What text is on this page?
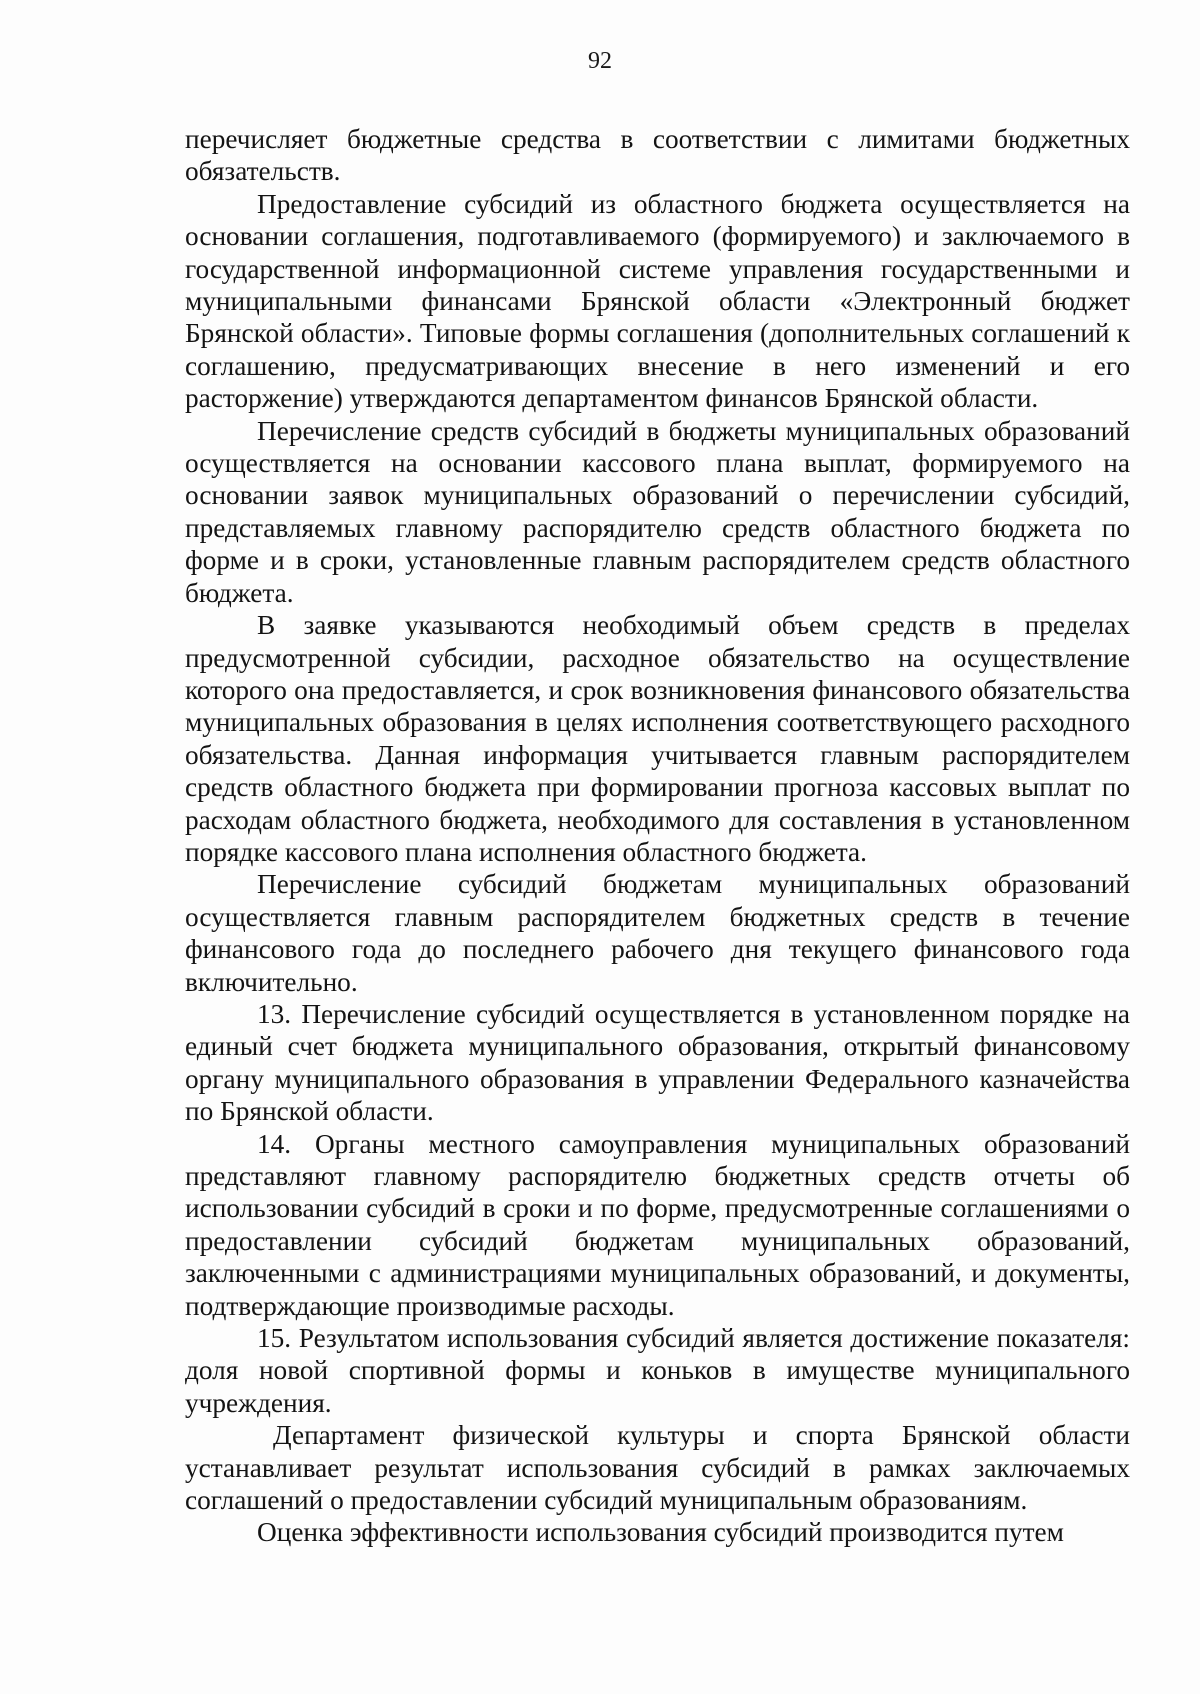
92

перечисляет бюджетные средства в соответствии с лимитами бюджетных обязательств.

Предоставление субсидий из областного бюджета осуществляется на основании соглашения, подготавливаемого (формируемого) и заключаемого в государственной информационной системе управления государственными и муниципальными финансами Брянской области «Электронный бюджет Брянской области». Типовые формы соглашения (дополнительных соглашений к соглашению, предусматривающих внесение в него изменений и его расторжение) утверждаются департаментом финансов Брянской области.

Перечисление средств субсидий в бюджеты муниципальных образований осуществляется на основании кассового плана выплат, формируемого на основании заявок муниципальных образований о перечислении субсидий, представляемых главному распорядителю средств областного бюджета по форме и в сроки, установленные главным распорядителем средств областного бюджета.

В заявке указываются необходимый объем средств в пределах предусмотренной субсидии, расходное обязательство на осуществление которого она предоставляется, и срок возникновения финансового обязательства муниципальных образования в целях исполнения соответствующего расходного обязательства. Данная информация учитывается главным распорядителем средств областного бюджета при формировании прогноза кассовых выплат по расходам областного бюджета, необходимого для составления в установленном порядке кассового плана исполнения областного бюджета.

Перечисление субсидий бюджетам муниципальных образований осуществляется главным распорядителем бюджетных средств в течение финансового года до последнего рабочего дня текущего финансового года включительно.

13. Перечисление субсидий осуществляется в установленном порядке на единый счет бюджета муниципального образования, открытый финансовому органу муниципального образования в управлении Федерального казначейства по Брянской области.

14. Органы местного самоуправления муниципальных образований представляют главному распорядителю бюджетных средств отчеты об использовании субсидий в сроки и по форме, предусмотренные соглашениями о предоставлении субсидий бюджетам муниципальных образований, заключенными с администрациями муниципальных образований, и документы, подтверждающие производимые расходы.

15. Результатом использования субсидий является достижение показателя: доля новой спортивной формы и коньков в имуществе муниципального учреждения.

Департамент физической культуры и спорта Брянской области устанавливает результат использования субсидий в рамках заключаемых соглашений о предоставлении субсидий муниципальным образованиям.

Оценка эффективности использования субсидий производится путем
